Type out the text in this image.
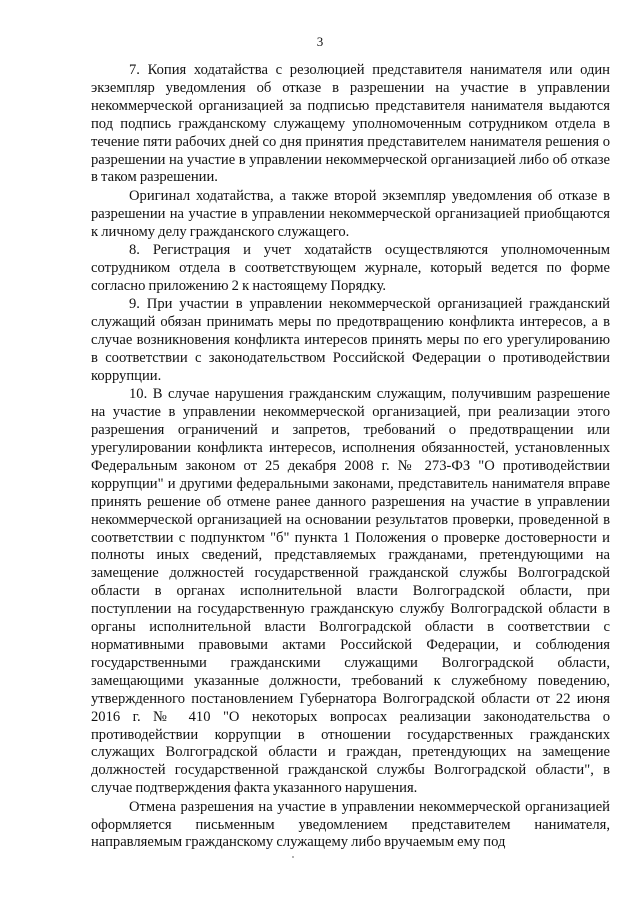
3

7. Копия ходатайства с резолюцией представителя нанимателя или один экземпляр уведомления об отказе в разрешении на участие в управлении некоммерческой организацией за подписью представителя нанимателя выдаются под подпись гражданскому служащему уполномоченным сотрудником отдела в течение пяти рабочих дней со дня принятия представителем нанимателя решения о разрешении на участие в управлении некоммерческой организацией либо об отказе в таком разрешении.

Оригинал ходатайства, а также второй экземпляр уведомления об отказе в разрешении на участие в управлении некоммерческой организацией приобщаются к личному делу гражданского служащего.

8. Регистрация и учет ходатайств осуществляются уполномоченным сотрудником отдела в соответствующем журнале, который ведется по форме согласно приложению 2 к настоящему Порядку.

9. При участии в управлении некоммерческой организацией гражданский служащий обязан принимать меры по предотвращению конфликта интересов, а в случае возникновения конфликта интересов принять меры по его урегулированию в соответствии с законодательством Российской Федерации о противодействии коррупции.

10. В случае нарушения гражданским служащим, получившим разрешение на участие в управлении некоммерческой организацией, при реализации этого разрешения ограничений и запретов, требований о предотвращении или урегулировании конфликта интересов, исполнения обязанностей, установленных Федеральным законом от 25 декабря 2008 г. № 273-ФЗ "О противодействии коррупции" и другими федеральными законами, представитель нанимателя вправе принять решение об отмене ранее данного разрешения на участие в управлении некоммерческой организацией на основании результатов проверки, проведенной в соответствии с подпунктом "б" пункта 1 Положения о проверке достоверности и полноты иных сведений, представляемых гражданами, претендующими на замещение должностей государственной гражданской службы Волгоградской области в органах исполнительной власти Волгоградской области, при поступлении на государственную гражданскую службу Волгоградской области в органы исполнительной власти Волгоградской области в соответствии с нормативными правовыми актами Российской Федерации, и соблюдения государственными гражданскими служащими Волгоградской области, замещающими указанные должности, требований к служебному поведению, утвержденного постановлением Губернатора Волгоградской области от 22 июня 2016 г. № 410 "О некоторых вопросах реализации законодательства о противодействии коррупции в отношении государственных гражданских служащих Волгоградской области и граждан, претендующих на замещение должностей государственной гражданской службы Волгоградской области", в случае подтверждения факта указанного нарушения.

Отмена разрешения на участие в управлении некоммерческой организацией оформляется письменным уведомлением представителем нанимателя, направляемым гражданскому служащему либо вручаемым ему под
